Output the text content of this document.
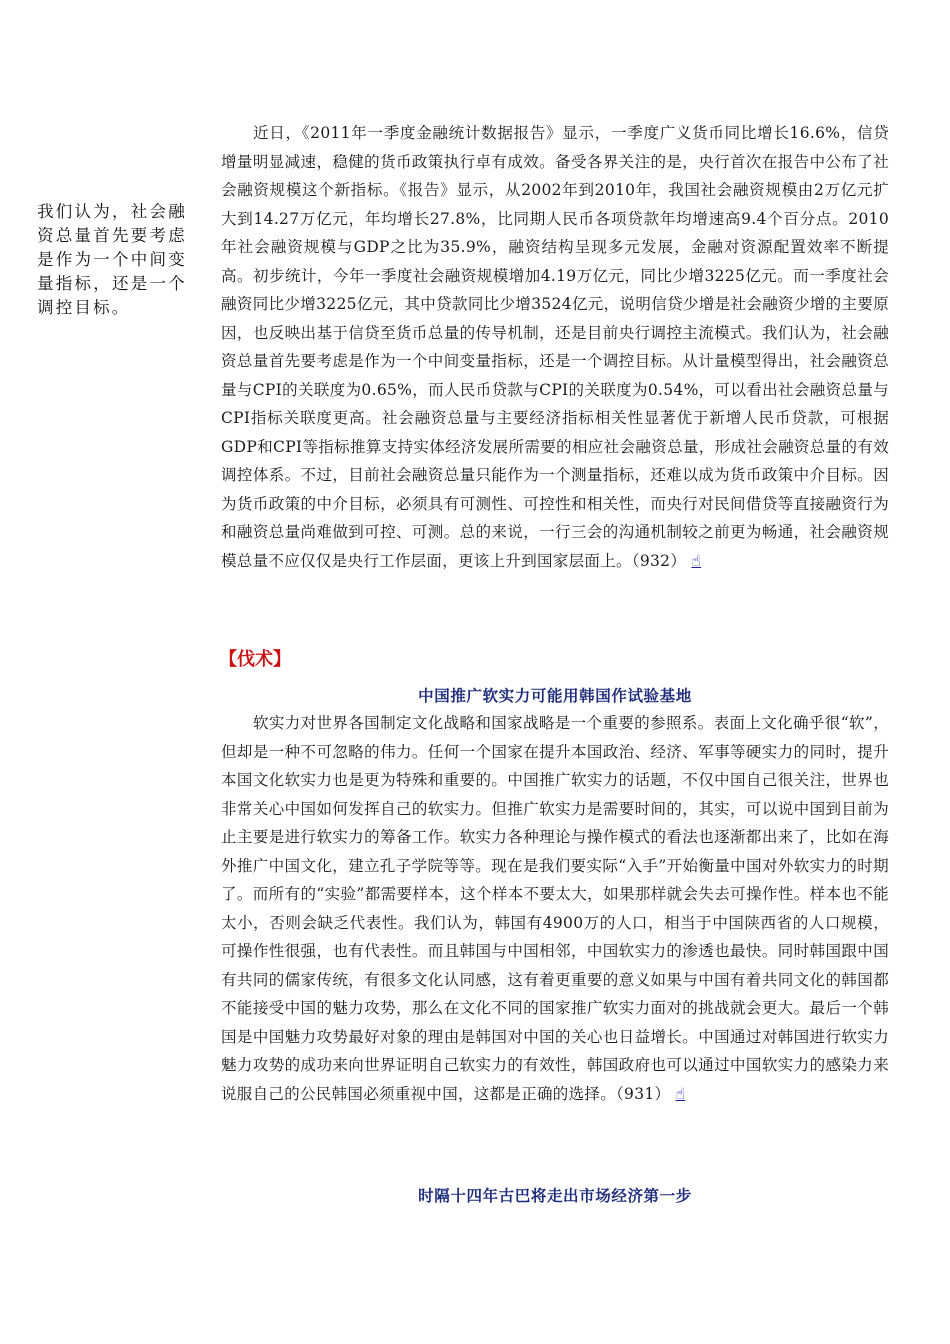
我们认为，社会融资总量首先要考虑是作为一个中间变量指标，还是一个调控目标。

近日，《2011年一季度金融统计数据报告》显示，一季度广义货币同比增长16.6%，信贷增量明显减速，稳健的货币政策执行卓有成效。备受各界关注的是，央行首次在报告中公布了社会融资规模这个新指标。《报告》显示，从2002年到2010年，我国社会融资规模由2万亿元扩大到14.27万亿元，年均增长27.8%，比同期人民币各项贷款年均增速高9.4个百分点。2010年社会融资规模与GDP之比为35.9%，融资结构呈现多元发展，金融对资源配置效率不断提高。初步统计，今年一季度社会融资规模增加4.19万亿元，同比少增3225亿元。而一季度社会融资同比少增3225亿元，其中贷款同比少增3524亿元，说明信贷少增是社会融资少增的主要原因，也反映出基于信贷至货币总量的传导机制，还是目前央行调控主流模式。我们认为，社会融资总量首先要考虑是作为一个中间变量指标，还是一个调控目标。从计量模型得出，社会融资总量与CPI的关联度为0.65%，而人民币贷款与CPI的关联度为0.54%，可以看出社会融资总量与CPI指标关联度更高。社会融资总量与主要经济指标相关性显著优于新增人民币贷款，可根据GDP和CPI等指标推算支持实体经济发展所需要的相应社会融资总量，形成社会融资总量的有效调控体系。不过，目前社会融资总量只能作为一个测量指标，还难以成为货币政策中介目标。因为货币政策的中介目标，必须具有可测性、可控性和相关性，而央行对民间借贷等直接融资行为和融资总量尚难做到可控、可测。总的来说，一行三会的沟通机制较之前更为畅通，社会融资规模总量不应仅仅是央行工作层面，更该上升到国家层面上。（932） ☝

【伐术】
中国推广软实力可能用韩国作试验基地

软实力对世界各国制定文化战略和国家战略是一个重要的参照系。表面上文化确乎很“软”，但却是一种不可忽略的伟力。任何一个国家在提升本国政治、经济、军事等硬实力的同时，提升本国文化软实力也是更为特殊和重要的。中国推广软实力的话题，不仅中国自己很关注，世界也非常关心中国如何发挥自己的软实力。但推广软实力是需要时间的，其实，可以说中国到目前为止主要是进行软实力的筹备工作。软实力各种理论与操作模式的看法也逐渐都出来了，比如在海外推广中国文化，建立孔子学院等等。现在是我们要实际“入手”开始衡量中国对外软实力的时期了。而所有的“实验”都需要样本，这个样本不要太大，如果那样就会失去可操作性。样本也不能太小，否则会缺乏代表性。我们认为，韩国有4900万的人口，相当于中国陕西省的人口规模，可操作性很强，也有代表性。而且韩国与中国相邻，中国软实力的渗透也最快。同时韩国跟中国有共同的儒家传统，有很多文化认同感，这有着更重要的意义如果与中国有着共同文化的韩国都不能接受中国的魅力攻势，那么在文化不同的国家推广软实力面对的挑战就会更大。最后一个韩国是中国魅力攻势最好对象的理由是韩国对中国的关心也日益增长。中国通过对韩国进行软实力魅力攻势的成功来向世界证明自己软实力的有效性，韩国政府也可以通过中国软实力的感染力来说服自己的公民韩国必须重视中国，这都是正确的选择。（931） ☝

时隔十四年古巴将走出市场经济第一步
